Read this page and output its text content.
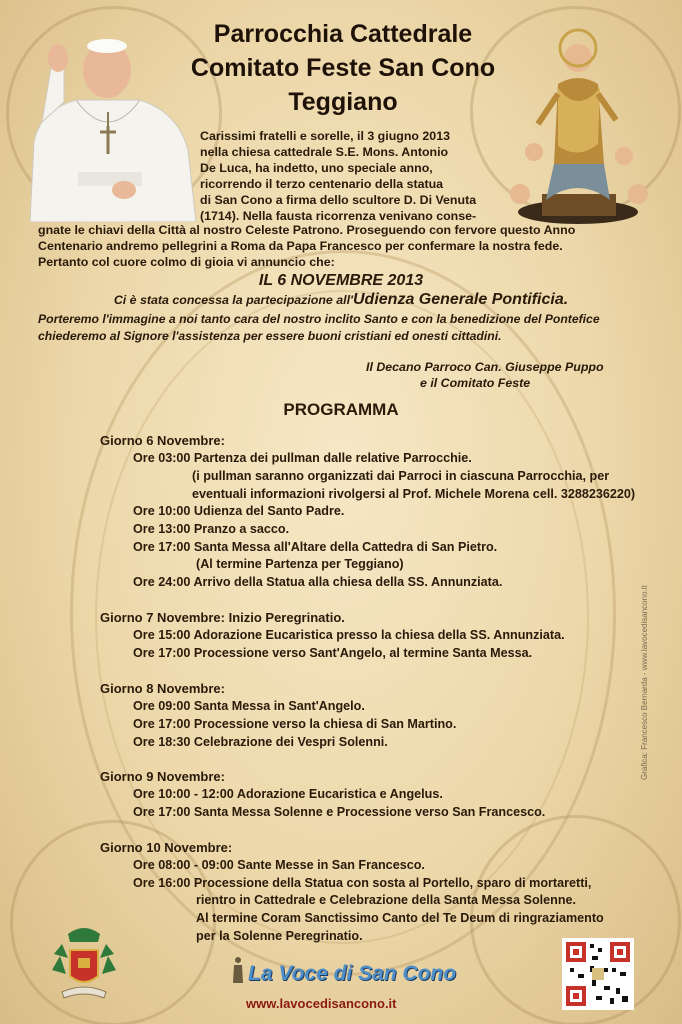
Parrocchia Cattedrale
Comitato Feste San Cono
Teggiano
Carissimi fratelli e sorelle, il 3 giugno 2013
nella chiesa cattedrale S.E. Mons. Antonio
De Luca, ha indetto, uno speciale anno,
ricorrendo il terzo centenario della statua
di San Cono a firma dello scultore D. Di Venuta
(1714). Nella fausta ricorrenza venivano conse-
gnate le chiavi della Città al nostro Celeste Patrono. Proseguendo con fervore questo Anno
Centenario andremo pellegrini a Roma da Papa Francesco per confermare la nostra fede.
Pertanto col cuore colmo di gioia vi annuncio che:
IL 6 NOVEMBRE 2013
Ci è stata concessa la partecipazione all'Udienza Generale Pontificia.
Porteremo l'immagine a noi tanto cara del nostro inclito Santo e con la benedizione del Pontefice
chiederemo al Signore l'assistenza per essere buoni cristiani ed onesti cittadini.
Il Decano Parroco Can. Giuseppe Puppo
e il Comitato Feste
PROGRAMMA
Giorno 6 Novembre:
Ore 03:00 Partenza dei pullman dalle relative Parrocchie.
(i pullman saranno organizzati dai Parroci in ciascuna Parrocchia, per
eventuali informazioni rivolgersi al Prof. Michele Morena cell. 3288236220)
Ore 10:00 Udienza del Santo Padre.
Ore 13:00 Pranzo a sacco.
Ore 17:00 Santa Messa all'Altare della Cattedra di San Pietro.
(Al termine Partenza per Teggiano)
Ore 24:00 Arrivo della Statua alla chiesa della SS. Annunziata.
Giorno 7 Novembre: Inizio Peregrinatio.
Ore 15:00 Adorazione Eucaristica presso la chiesa della SS. Annunziata.
Ore 17:00 Processione verso Sant'Angelo, al termine Santa Messa.
Giorno 8 Novembre:
Ore 09:00 Santa Messa in Sant'Angelo.
Ore 17:00 Processione verso la chiesa di San Martino.
Ore 18:30 Celebrazione dei Vespri Solenni.
Giorno 9 Novembre:
Ore 10:00 - 12:00 Adorazione Eucaristica e Angelus.
Ore 17:00 Santa Messa Solenne e Processione verso San Francesco.
Giorno 10 Novembre:
Ore 08:00 - 09:00 Sante Messe in San Francesco.
Ore 16:00 Processione della Statua con sosta al Portello, sparo di mortaretti,
rientro in Cattedrale e Celebrazione della Santa Messa Solenne.
Al termine Coram Sanctissimo Canto del Te Deum di ringraziamento
per la Solenne Peregrinatio.
La Voce di San Cono
www.lavocedisancono.it
Grafica: Francesco Bernarda - www.lavocedisancono.it
